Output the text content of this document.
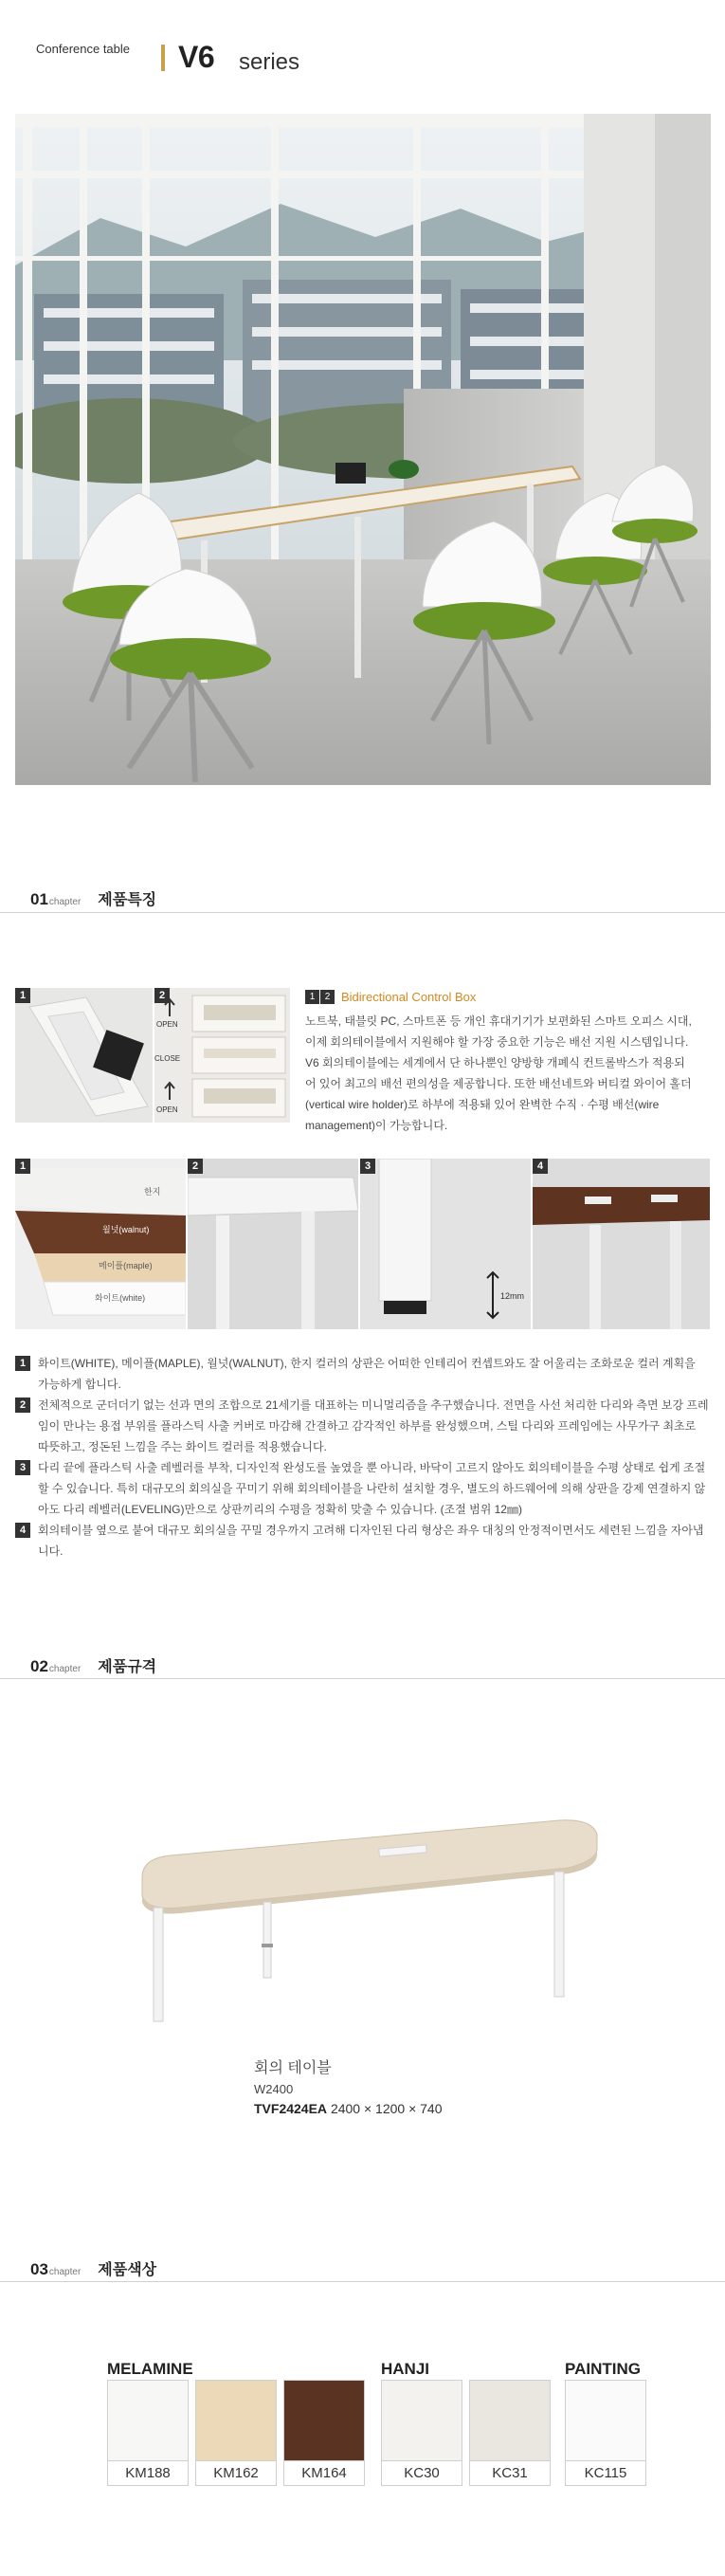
Conference table V6 series
01chapter 제품특징
1	2
OPEN
CLOSE
OPEN
1 2 Bidirectional Control Box
노트북, 태블릿 PC, 스마트폰 등 개인 휴대기기가 보편화된 스마트 오피스 시대, 이제 회의테이블에서 지원해야 할 가장 중요한 기능은 배선 지원 시스템입니다. V6 회의테이블에는 세계에서 단 하나뿐인 양방향 개폐식 컨트롤박스가 적용되어 있어 최고의 배선 편의성을 제공합니다. 또한 배선네트와 버티컬 와이어 홀더(vertical wire holder)로 하부에 적용돼 있어 완벽한 수직 · 수평 배선(wire management)이 가능합니다.
1
한지
월넛(walnut)
메이플(maple)
화이트(white)
2	3
12mm
4
1	화이트(WHITE), 메이플(MAPLE), 월넛(WALNUT), 한지 컬러의 상판은 어떠한 인테리어 컨셉트와도 잘 어울리는 조화로운 컬러 계획을 가능하게 합니다.
2	전체적으로 군더더기 없는 선과 면의 조합으로 21세기를 대표하는 미니멀리즘을 추구했습니다. 전면을 사선 처리한 다리와 측면 보강 프레임이 만나는 용접 부위를 플라스틱 사출 커버로 마감해 간결하고 감각적인 하부를 완성했으며, 스틸 다리와 프레임에는 사무가구 최초로 따뜻하고, 정돈된 느낌을 주는 화이트 컬러를 적용했습니다.
3	다리 끝에 플라스틱 사출 레벨러를 부착, 디자인적 완성도를 높였을 뿐 아니라, 바닥이 고르지 않아도 회의테이블을 수평 상태로 쉽게 조절할 수 있습니다. 특히 대규모의 회의실을 꾸미기 위해 회의테이블을 나란히 설치할 경우, 별도의 하드웨어에 의해 상판을 강제 연결하지 않아도 다리 레벨러(LEVELING)만으로 상판끼리의 수평을 정확히 맞출 수 있습니다. (조절 범위 12㎜)
4	회의테이블 옆으로 붙여 대규모 회의실을 꾸밀 경우까지 고려해 디자인된 다리 형상은 좌우 대칭의 안정적이면서도 세련된 느낌을 자아냅니다.
02chapter 제품규격
회의 테이블
W2400
TVF2424EA 2400 × 1200 × 740
03chapter 제품색상
MELAMINE	HANJI	PAINTING
KM188	KM162	KM164	KC30	KC31	KC115
